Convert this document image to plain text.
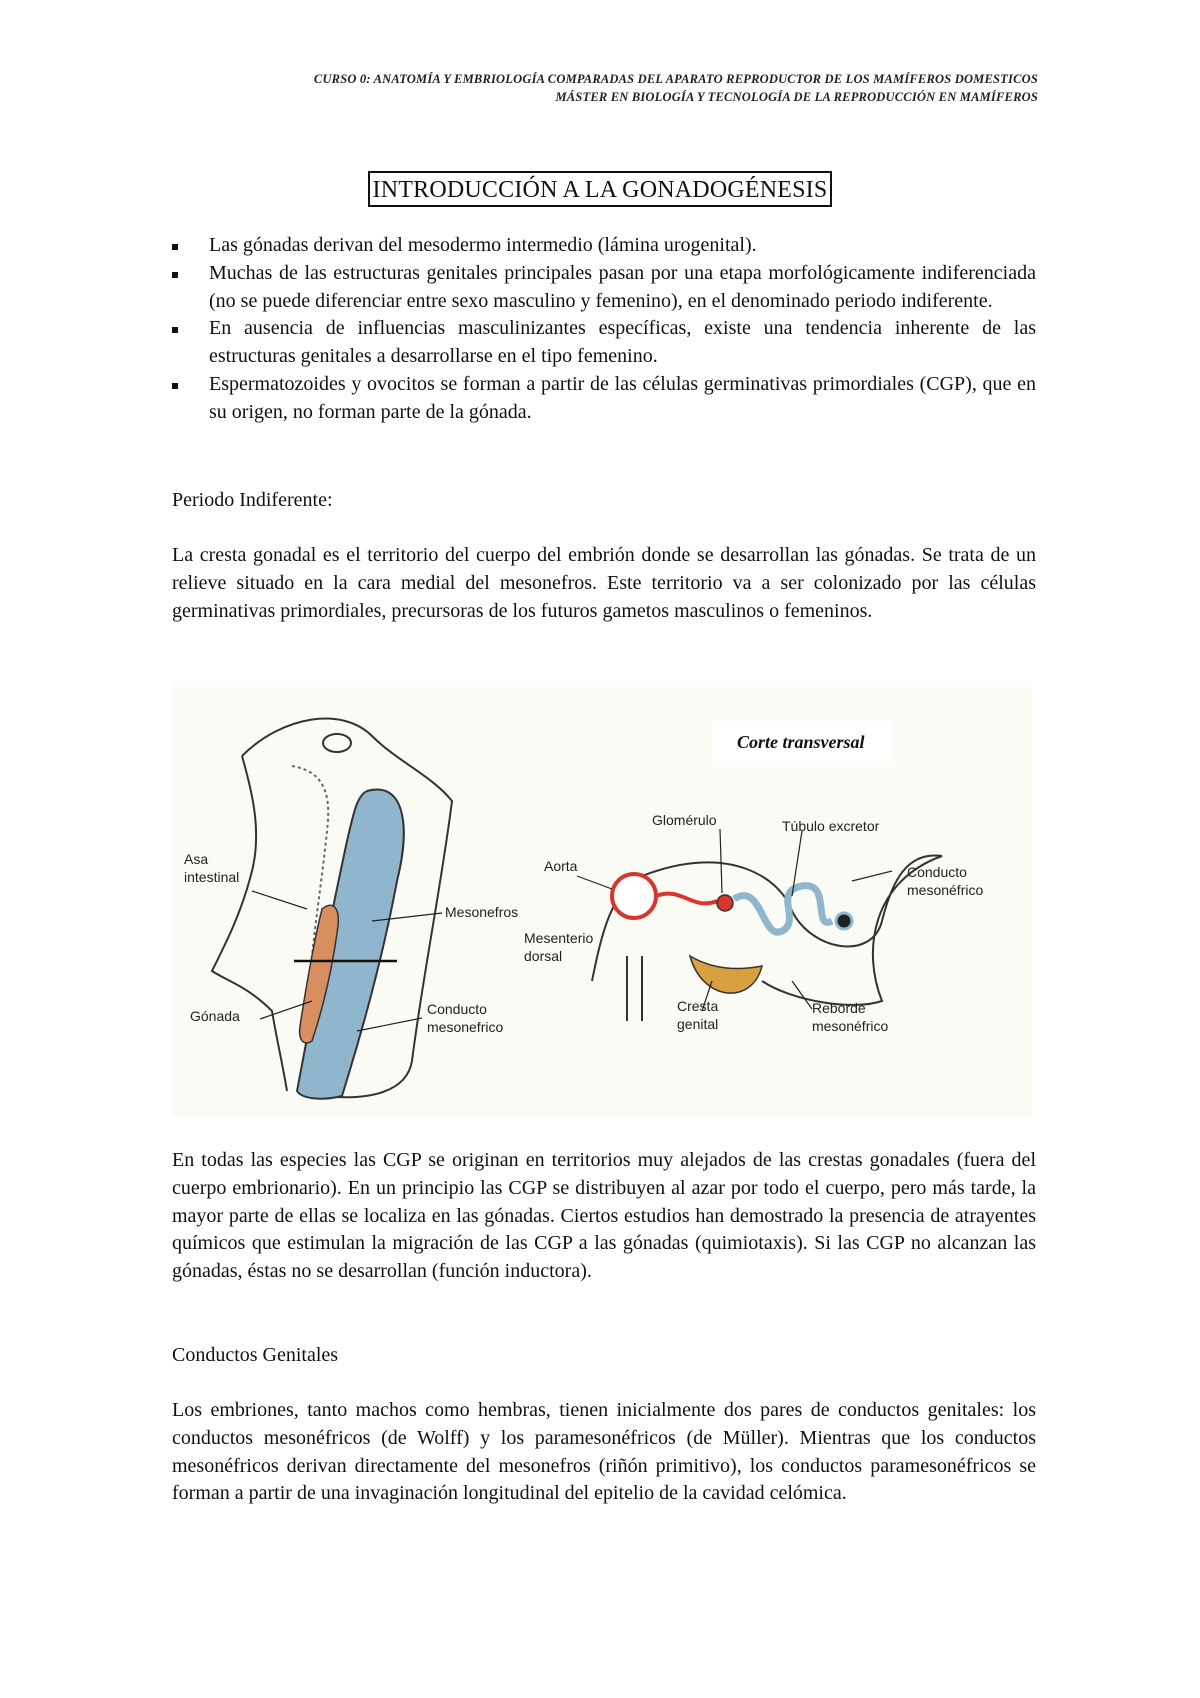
CURSO 0: ANATOMÍA Y EMBRIOLOGÍA COMPARADAS DEL APARATO REPRODUCTOR DE LOS MAMÍFEROS DOMESTICOS
MÁSTER EN BIOLOGÍA Y TECNOLOGÍA DE LA REPRODUCCIÓN EN MAMÍFEROS
INTRODUCCIÓN A LA GONADOGÉNESIS
Las gónadas derivan del mesodermo intermedio (lámina urogenital).
Muchas de las estructuras genitales principales pasan por una etapa morfológicamente indiferenciada (no se puede diferenciar entre sexo masculino y femenino), en el denominado periodo indiferente.
En ausencia de influencias masculinizantes específicas, existe una tendencia inherente de las estructuras genitales a desarrollarse en el tipo femenino.
Espermatozoides y ovocitos se forman a partir de las células germinativas primordiales (CGP), que en su origen, no forman parte de la gónada.

Periodo Indiferente:

La cresta gonadal es el territorio del cuerpo del embrión donde se desarrollan las gónadas. Se trata de un relieve situado en la cara medial del mesonefros. Este territorio va a ser colonizado por las células germinativas primordiales, precursoras de los futuros gametos masculinos o femeninos.

Asa
intestinal
Mesonefros
Gónada	Conducto
mesonefrico
Corte transversal
Glomérulo	Túbulo excretor
Aorta	Conducto
mesonéfrico
Mesenterio
dorsal
Cresta
genital
Reborde
mesonéfrico

En todas las especies las CGP se originan en territorios muy alejados de las crestas gonadales (fuera del cuerpo embrionario). En un principio las CGP se distribuyen al azar por todo el cuerpo, pero más tarde, la mayor parte de ellas se localiza en las gónadas. Ciertos estudios han demostrado la presencia de atrayentes químicos que estimulan la migración de las CGP a las gónadas (quimiotaxis). Si las CGP no alcanzan las gónadas, éstas no se desarrollan (función inductora).

Conductos Genitales

Los embriones, tanto machos como hembras, tienen inicialmente dos pares de conductos genitales: los conductos mesonéfricos (de Wolff) y los paramesonéfricos (de Müller). Mientras que los conductos mesonéfricos derivan directamente del mesonefros (riñón primitivo), los conductos paramesonéfricos se forman a partir de una invaginación longitudinal del epitelio de la cavidad celómica.
